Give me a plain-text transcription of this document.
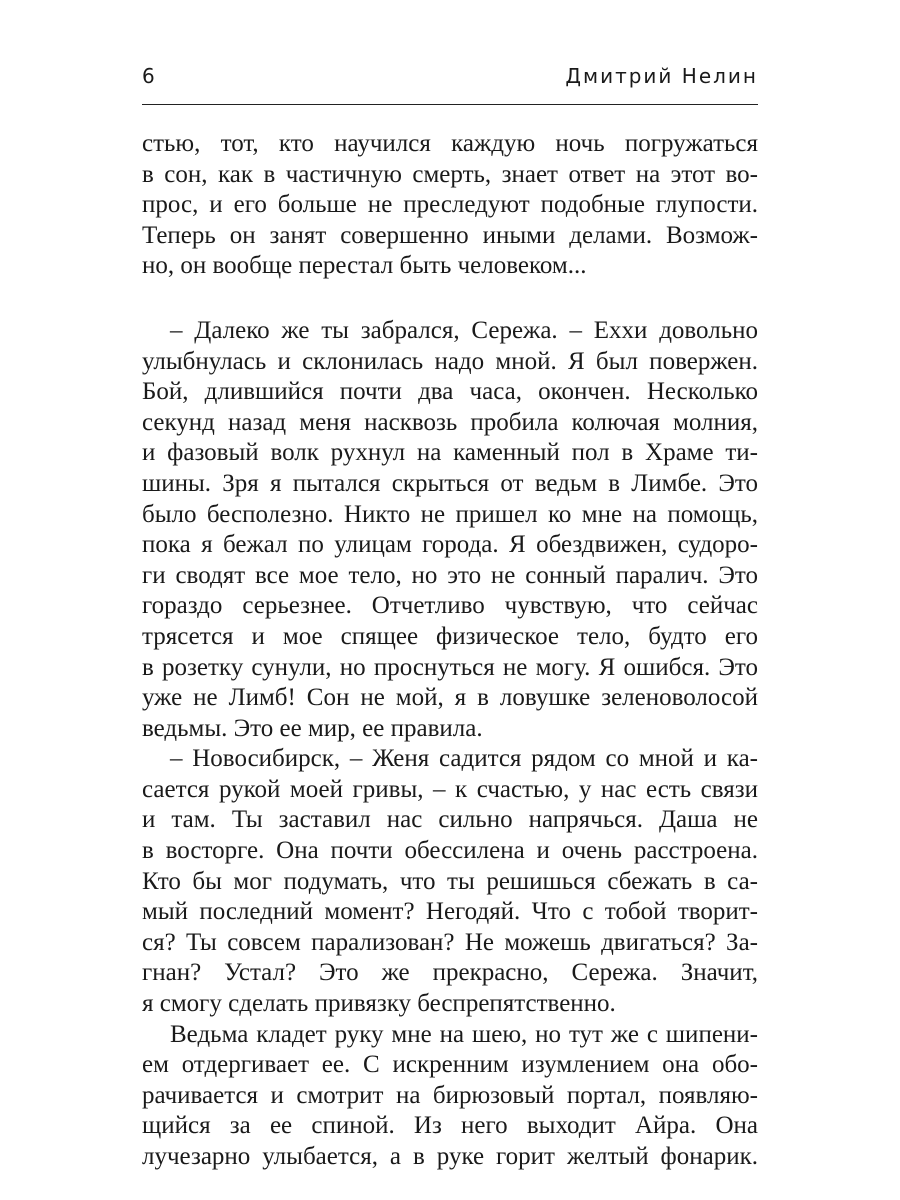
6	Дмитрий Нелин
стью, тот, кто научился каждую ночь погружаться
в сон, как в частичную смерть, знает ответ на этот во-
прос, и его больше не преследуют подобные глупости.
Теперь он занят совершенно иными делами. Возмож-
но, он вообще перестал быть человеком...
– Далеко же ты забрался, Сережа. – Еххи довольно
улыбнулась и склонилась надо мной. Я был повержен.
Бой, длившийся почти два часа, окончен. Несколько
секунд назад меня насквозь пробила колючая молния,
и фазовый волк рухнул на каменный пол в Храме ти-
шины. Зря я пытался скрыться от ведьм в Лимбе. Это
было бесполезно. Никто не пришел ко мне на помощь,
пока я бежал по улицам города. Я обездвижен, судоро-
ги сводят все мое тело, но это не сонный паралич. Это
гораздо серьезнее. Отчетливо чувствую, что сейчас
трясется и мое спящее физическое тело, будто его
в розетку сунули, но проснуться не могу. Я ошибся. Это
уже не Лимб! Сон не мой, я в ловушке зеленоволосой
ведьмы. Это ее мир, ее правила.
– Новосибирск, – Женя садится рядом со мной и ка-
сается рукой моей гривы, – к счастью, у нас есть связи
и там. Ты заставил нас сильно напрячься. Даша не
в восторге. Она почти обессилена и очень расстроена.
Кто бы мог подумать, что ты решишься сбежать в са-
мый последний момент? Негодяй. Что с тобой творит-
ся? Ты совсем парализован? Не можешь двигаться? За-
гнан? Устал? Это же прекрасно, Сережа. Значит,
я смогу сделать привязку беспрепятственно.
Ведьма кладет руку мне на шею, но тут же с шипени-
ем отдергивает ее. С искренним изумлением она обо-
рачивается и смотрит на бирюзовый портал, появляю-
щийся за ее спиной. Из него выходит Айра. Она
лучезарно улыбается, а в руке горит желтый фонарик.
